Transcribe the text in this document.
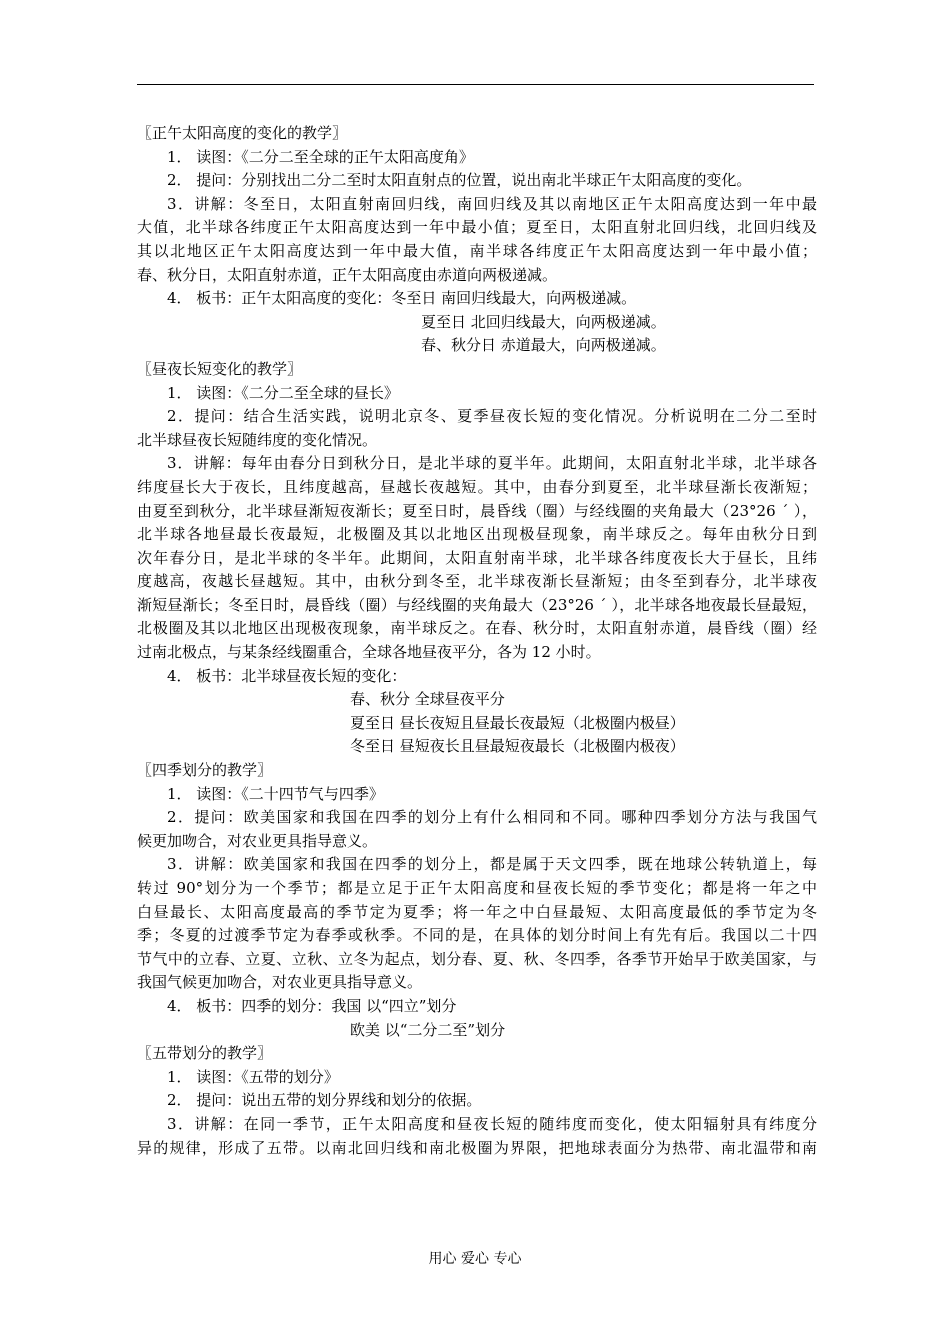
〖正午太阳高度的变化的教学〗
1． 读图：《二分二至全球的正午太阳高度角》
2． 提问：分别找出二分二至时太阳直射点的位置，说出南北半球正午太阳高度的变化。
3．讲解：冬至日，太阳直射南回归线，南回归线及其以南地区正午太阳高度达到一年中最
大值，北半球各纬度正午太阳高度达到一年中最小值；夏至日，太阳直射北回归线，北回归线及
其以北地区正午太阳高度达到一年中最大值，南半球各纬度正午太阳高度达到一年中最小值；
春、秋分日，太阳直射赤道，正午太阳高度由赤道向两极递减。
4． 板书：正午太阳高度的变化：冬至日 南回归线最大，向两极递减。
夏至日 北回归线最大，向两极递减。
春、秋分日 赤道最大，向两极递减。
〖昼夜长短变化的教学〗
1． 读图：《二分二至全球的昼长》
2．提问：结合生活实践，说明北京冬、夏季昼夜长短的变化情况。分析说明在二分二至时
北半球昼夜长短随纬度的变化情况。
3．讲解：每年由春分日到秋分日，是北半球的夏半年。此期间，太阳直射北半球，北半球各
纬度昼长大于夜长，且纬度越高，昼越长夜越短。其中，由春分到夏至，北半球昼渐长夜渐短；
由夏至到秋分，北半球昼渐短夜渐长；夏至日时，晨昏线（圈）与经线圈的夹角最大（23°26 ´ ），
北半球各地昼最长夜最短，北极圈及其以北地区出现极昼现象，南半球反之。每年由秋分日到
次年春分日，是北半球的冬半年。此期间，太阳直射南半球，北半球各纬度夜长大于昼长，且纬
度越高，夜越长昼越短。其中，由秋分到冬至，北半球夜渐长昼渐短；由冬至到春分，北半球夜
渐短昼渐长；冬至日时，晨昏线（圈）与经线圈的夹角最大（23°26 ´ ），北半球各地夜最长昼最短，
北极圈及其以北地区出现极夜现象，南半球反之。在春、秋分时，太阳直射赤道，晨昏线（圈）经
过南北极点，与某条经线圈重合，全球各地昼夜平分，各为 12 小时。
4． 板书：北半球昼夜长短的变化：
春、秋分 全球昼夜平分
夏至日 昼长夜短且昼最长夜最短（北极圈内极昼）
冬至日 昼短夜长且昼最短夜最长（北极圈内极夜）
〖四季划分的教学〗
1． 读图：《二十四节气与四季》
2．提问：欧美国家和我国在四季的划分上有什么相同和不同。哪种四季划分方法与我国气
候更加吻合，对农业更具指导意义。
3．讲解：欧美国家和我国在四季的划分上，都是属于天文四季，既在地球公转轨道上，每
转过 90°划分为一个季节；都是立足于正午太阳高度和昼夜长短的季节变化；都是将一年之中
白昼最长、太阳高度最高的季节定为夏季；将一年之中白昼最短、太阳高度最低的季节定为冬
季；冬夏的过渡季节定为春季或秋季。不同的是，在具体的划分时间上有先有后。我国以二十四
节气中的立春、立夏、立秋、立冬为起点，划分春、夏、秋、冬四季，各季节开始早于欧美国家，与
我国气候更加吻合，对农业更具指导意义。
4． 板书：四季的划分：我国 以“四立”划分
欧美 以“二分二至”划分
〖五带划分的教学〗
1． 读图：《五带的划分》
2． 提问：说出五带的划分界线和划分的依据。
3．讲解：在同一季节，正午太阳高度和昼夜长短的随纬度而变化，使太阳辐射具有纬度分
异的规律，形成了五带。以南北回归线和南北极圈为界限，把地球表面分为热带、南北温带和南
用心 爱心 专心
